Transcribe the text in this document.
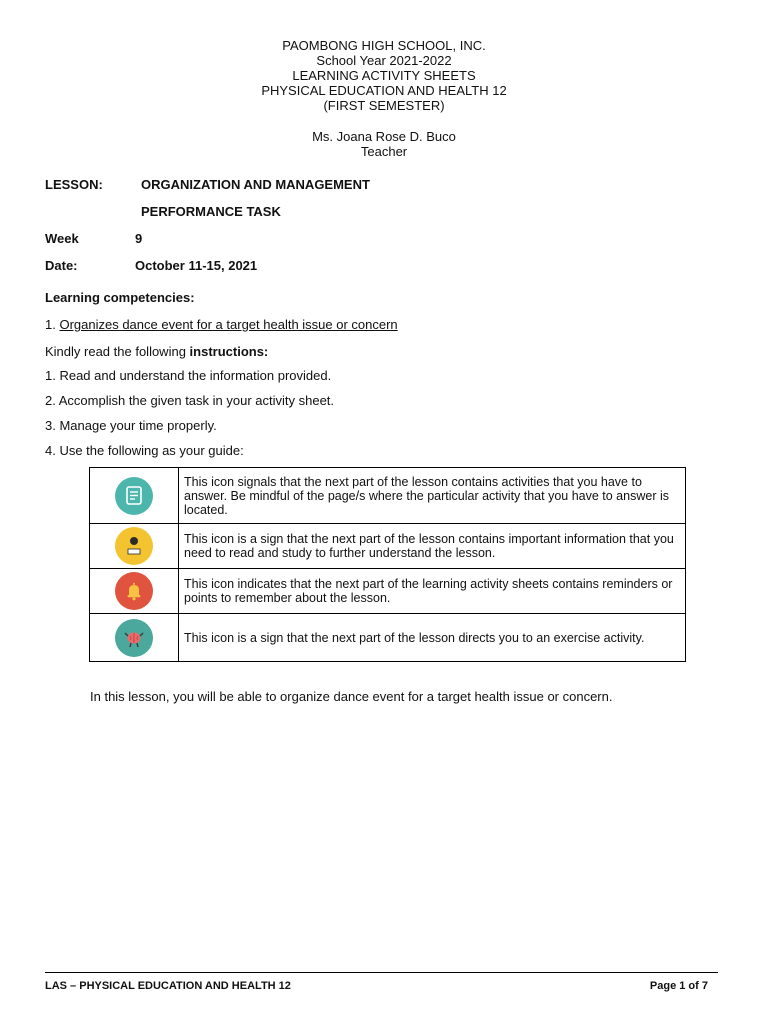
PAOMBONG HIGH SCHOOL, INC.
School Year 2021-2022
LEARNING ACTIVITY SHEETS
PHYSICAL EDUCATION AND HEALTH 12
(FIRST SEMESTER)
Ms. Joana Rose D. Buco
Teacher
LESSON:	ORGANIZATION AND MANAGEMENT
PERFORMANCE TASK
Week	9
Date:	October 11-15, 2021
Learning competencies:
1. Organizes dance event for a target health issue or concern
Kindly read the following instructions:
1. Read and understand the information provided.
2. Accomplish the given task in your activity sheet.
3. Manage your time properly.
4. Use the following as your guide:
	This icon signals that the next part of the lesson contains activities that you have to answer. Be mindful of the page/s where the particular activity that you have to answer is located.

	This icon is a sign that the next part of the lesson contains important information that you need to read and study to further understand the lesson.

	This icon indicates that the next part of the learning activity sheets contains reminders or points to remember about the lesson.

	This icon is a sign that the next part of the lesson directs you to an exercise activity.
In this lesson, you will be able to organize dance event for a target health issue or concern.
LAS – PHYSICAL EDUCATION AND HEALTH 12	Page 1 of 7
